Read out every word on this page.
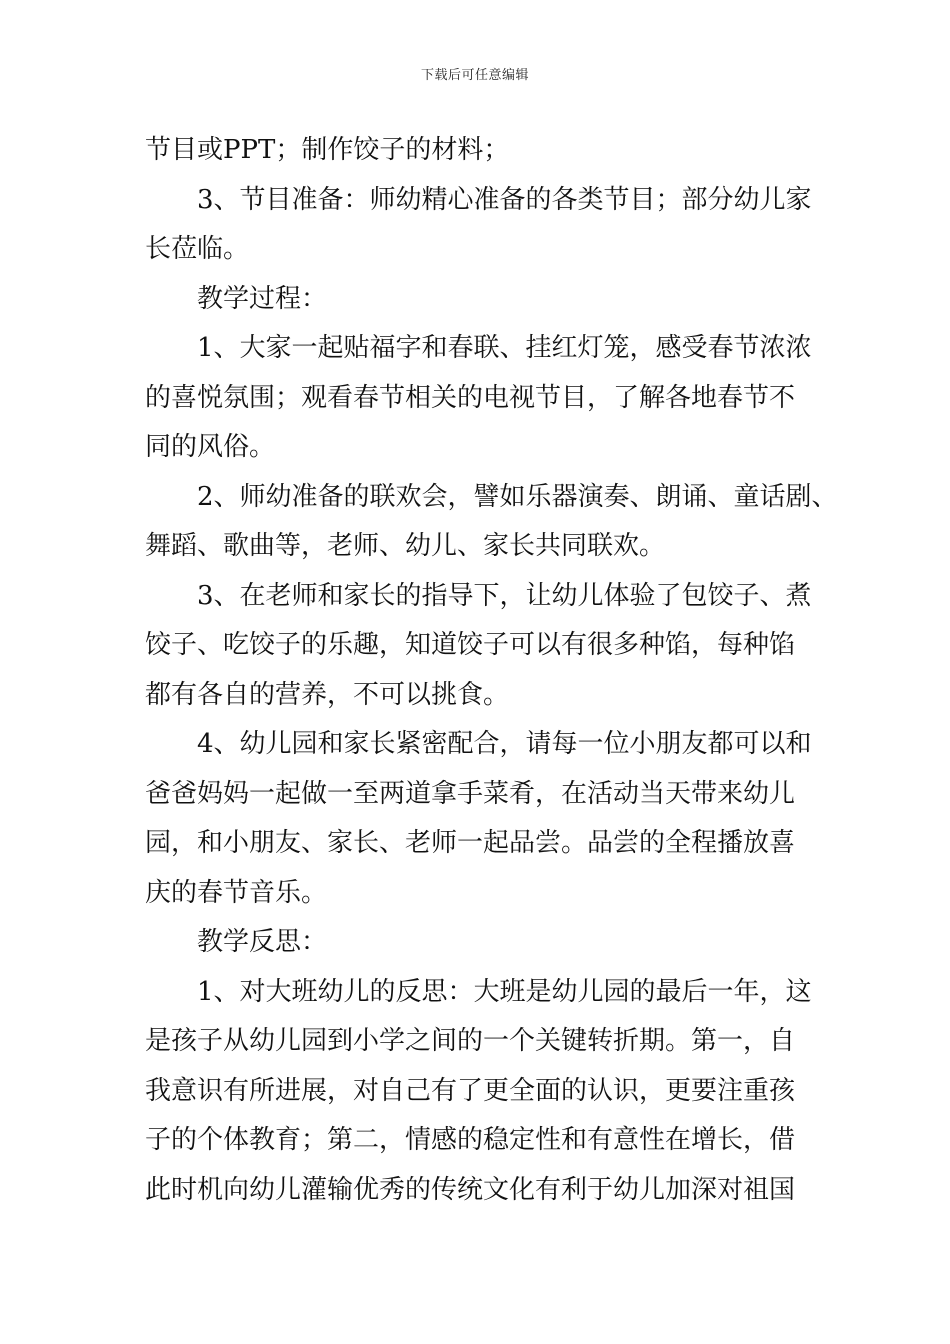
下载后可任意编辑
节目或PPT；制作饺子的材料；
3、节目准备：师幼精心准备的各类节目；部分幼儿家
长莅临。
教学过程：
1、大家一起贴福字和春联、挂红灯笼，感受春节浓浓
的喜悦氛围；观看春节相关的电视节目，了解各地春节不
同的风俗。
2、师幼准备的联欢会，譬如乐器演奏、朗诵、童话剧、
舞蹈、歌曲等，老师、幼儿、家长共同联欢。
3、在老师和家长的指导下，让幼儿体验了包饺子、煮
饺子、吃饺子的乐趣，知道饺子可以有很多种馅，每种馅
都有各自的营养，不可以挑食。
4、幼儿园和家长紧密配合，请每一位小朋友都可以和
爸爸妈妈一起做一至两道拿手菜肴，在活动当天带来幼儿
园，和小朋友、家长、老师一起品尝。品尝的全程播放喜
庆的春节音乐。
教学反思：
1、对大班幼儿的反思：大班是幼儿园的最后一年，这
是孩子从幼儿园到小学之间的一个关键转折期。第一，自
我意识有所进展，对自己有了更全面的认识，更要注重孩
子的个体教育；第二，情感的稳定性和有意性在增长，借
此时机向幼儿灌输优秀的传统文化有利于幼儿加深对祖国
